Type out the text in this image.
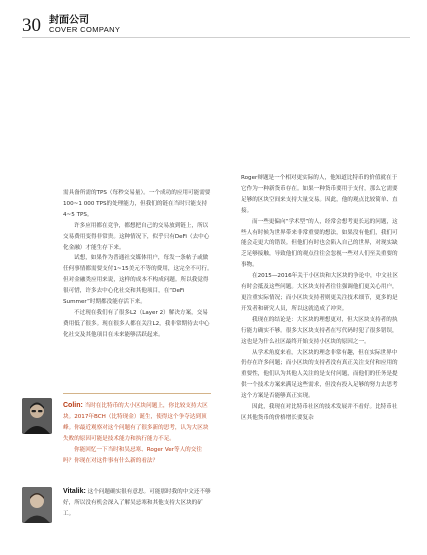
30 封面公司
COVER COMPANY

需具备所需的TPS（每秒交易量）。一个成功的应用可能需要100~1 000 TPS的处理能力，但我们的链在当时只能支持4~5 TPS。

许多应用都在竞争，都想把自己的交易放到链上，所以交易费用变得非常贵。这种情况下，似乎只有DeFi（去中心化金融）才能生存下来。

试想，如果作为普通社交媒体用户，每发一条帖子或做任何事情都需要支付1~15美元不等的费用，这完全不可行。但对金融类应用来说，这样的成本不构成问题。所以我觉得很可惜，许多去中心化社交和其他项目，在“DeFi Summer”时期都没能存活下来。

不过现在我们有了很多L2（Layer 2）解决方案，交易费用低了很多。现在很多人都在关注L2，我非常期待去中心化社交及其他项目在未来能够活跃起来。

Colin: 当时在比特币的大小区块问题上，你比较支持大区块。2017年BCH（比特现金）诞生，使得这个争夺达到顶峰。你最近观察对这个问题有了很多新的思考，认为大区块失败的原因可能是技术能力和执行能力不足。

你能回忆一下当时和吴忌寒、Roger Ver等人的交往吗？你现在对这件事有什么新的看法？

Vitalik: 这个问题确实很有意思。可能那时我的中文还不够好，所以没有机会深入了解吴忌寒和其他支持大区块的矿工。

Roger辩题是一个相对更实际的人，他知道比特币的价值就在于它作为一种新货币存在。如果一种货币要用于支付，那么它需要足够的区块空间来支持大量交易。因此，他的观点比较简单、直接。

而一些更偏向“学术型”的人，经常会想考更长远的问题，这些人有时候为世界带来非常重要的想法，如果没有他们，我们可能会走更大的错误。但他们有时也会陷入自己的世界，对现实缺乏足够接触，导致他们的观点往往会忽视一些对人们至关重要的事物。

在2015—2016年关于小区块和大区块的争论中，中文社区有时会抵及这些问题。大区块支持者往往强调他们更关心用户，更注重实际情况；而小区块支持者则更关注技术细节，更多的是开发者和研究人员，所以这就造成了冲突。

我现在的结论是：大区块的理想更对，但大区块支持者的执行能力确实不够。很多大区块支持者在写代码时犯了很多错误，这也是为什么社区最终开始支持小区块的原因之一。

从学术角度来看，大区块的理念非常有趣，但在实际世界中仍存在许多问题；而小区块的支持者没有真正关注支付和应用的重要性，他们认为其他人关注的是支付问题，而他们的任务是提供一个技术方案来满足这些需求，但没有投入足够的努力去思考这个方案是否能够真正实现。

因此，我现在对比特币社区的技术发展并不看好。比特币社区其他货币的价格增长要复杂
